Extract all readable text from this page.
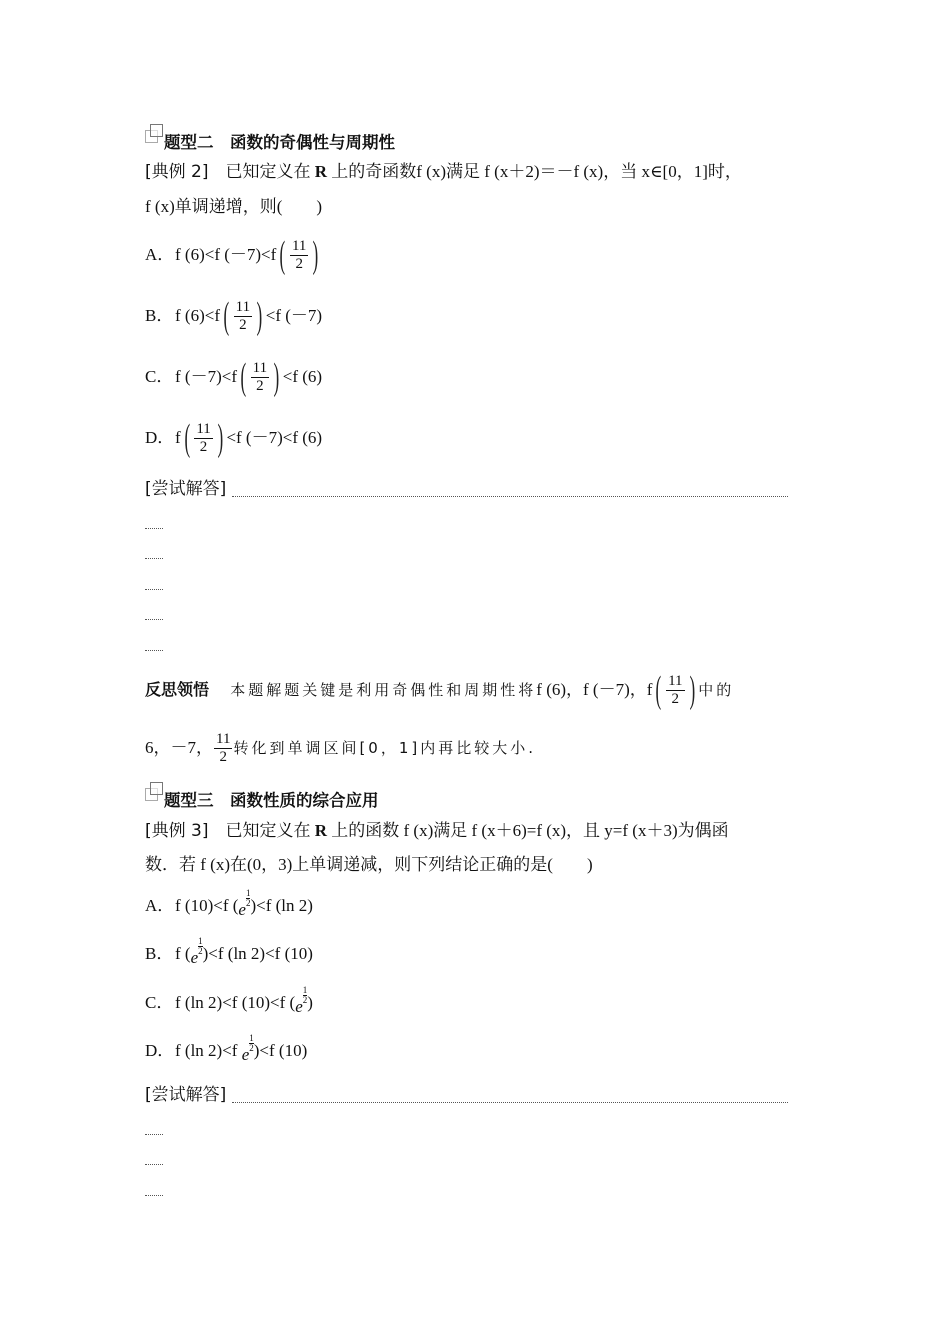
题型二　函数的奇偶性与周期性
[典例 2] 已知定义在 R 上的奇函数f (x)满足 f (x＋2)＝－f (x)，当 x∈[0，1]时，
f (x)单调递增，则(　　)
A． f (6)<f (－7)<f ( $\frac{11}{2}$ )
B． f (6)<f ( $\frac{11}{2}$ ) <f (－7)
C． f (－7)<f ( $\frac{11}{2}$ ) <f (6)
D． f ( $\frac{11}{2}$ ) <f (－7)<f (6)
[尝试解答]
反思领悟
本题解题关键是利用奇偶性和周期性将 f (6)，f (－7)，f ( $\frac{11}{2}$ ) 中的
6，－7， $\frac{11}{2}$ 转化到单调区间[0，1]内再比较大小.
题型三　函数性质的综合应用
[典例 3] 已知定义在 R 上的函数 f (x)满足 f (x＋6)=f (x)，且 y=f (x＋3)为偶函
数．若 f (x)在(0，3)上单调递减，则下列结论正确的是(　　)
A．f (10)<f (e
$\frac{1}{2} )<f$ (ln 2)
B．f (e
$\frac{1}{2} )<f$ (ln 2)<f (10)
C．f (ln 2)<f (10)<f (e
$\frac{1}{2}$ )
D．f (ln 2)<f e
$\frac{1}{2} )<f$ (10)
[尝试解答]
